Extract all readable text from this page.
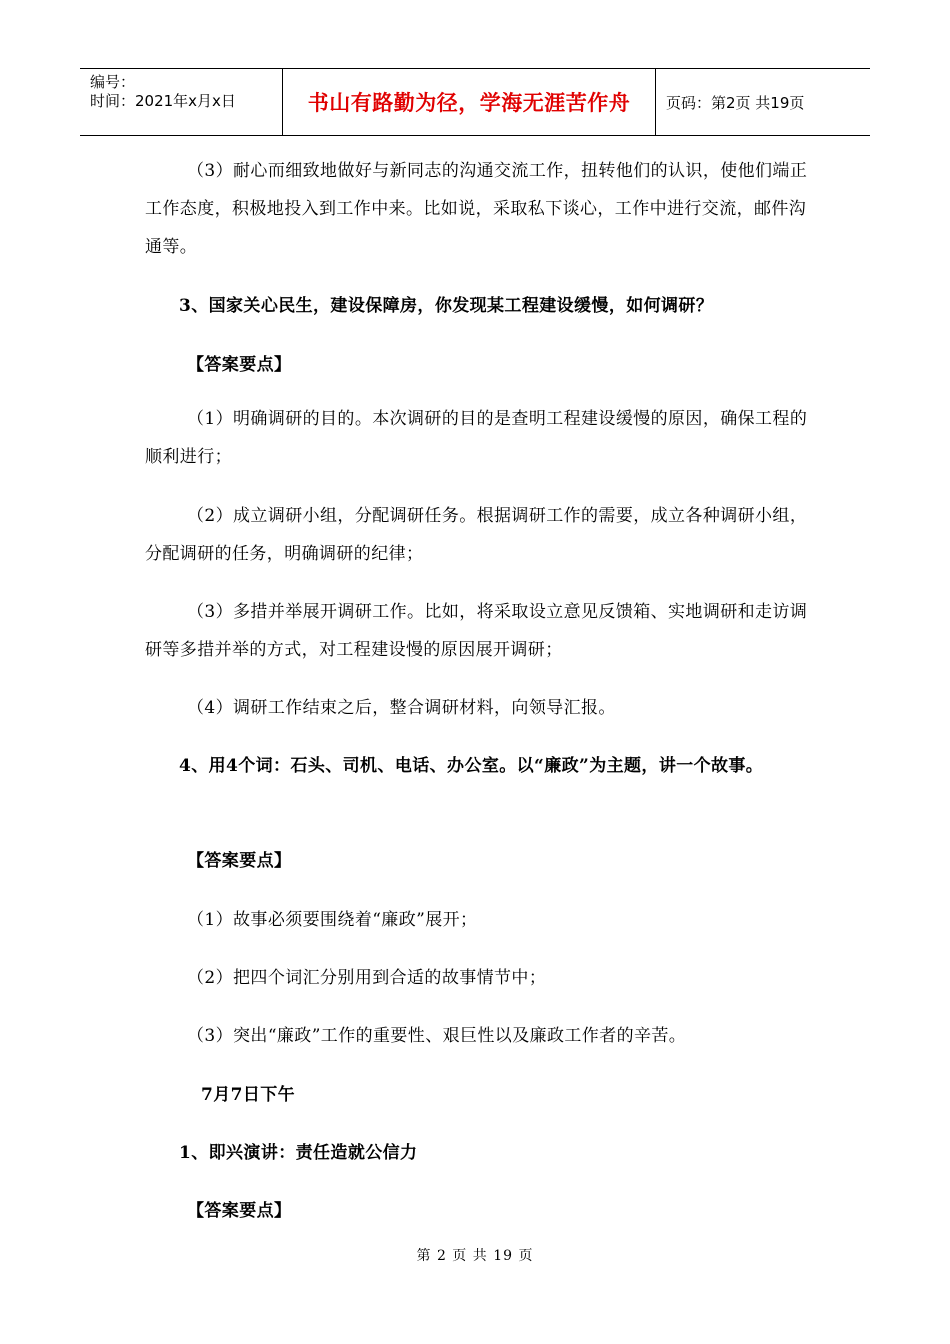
编号：
时间：2021年x月x日	书山有路勤为径，学海无涯苦作舟 页码：第2页 共19页
（3）耐心而细致地做好与新同志的沟通交流工作，扭转他们的认识，使他们端正工作态度，积极地投入到工作中来。比如说，采取私下谈心，工作中进行交流，邮件沟通等。
3、国家关心民生，建设保障房，你发现某工程建设缓慢，如何调研？
【答案要点】
（1）明确调研的目的。本次调研的目的是查明工程建设缓慢的原因，确保工程的顺利进行；
（2）成立调研小组，分配调研任务。根据调研工作的需要，成立各种调研小组，分配调研的任务，明确调研的纪律；
（3）多措并举展开调研工作。比如，将采取设立意见反馈箱、实地调研和走访调研等多措并举的方式，对工程建设慢的原因展开调研；
（4）调研工作结束之后，整合调研材料，向领导汇报。
4、用4个词：石头、司机、电话、办公室。以“廉政”为主题，讲一个故事。
【答案要点】
（1）故事必须要围绕着“廉政”展开；
（2）把四个词汇分别用到合适的故事情节中；
（3）突出“廉政”工作的重要性、艰巨性以及廉政工作者的辛苦。
7月7日下午
1、即兴演讲：责任造就公信力
【答案要点】
第 2 页 共 19 页
